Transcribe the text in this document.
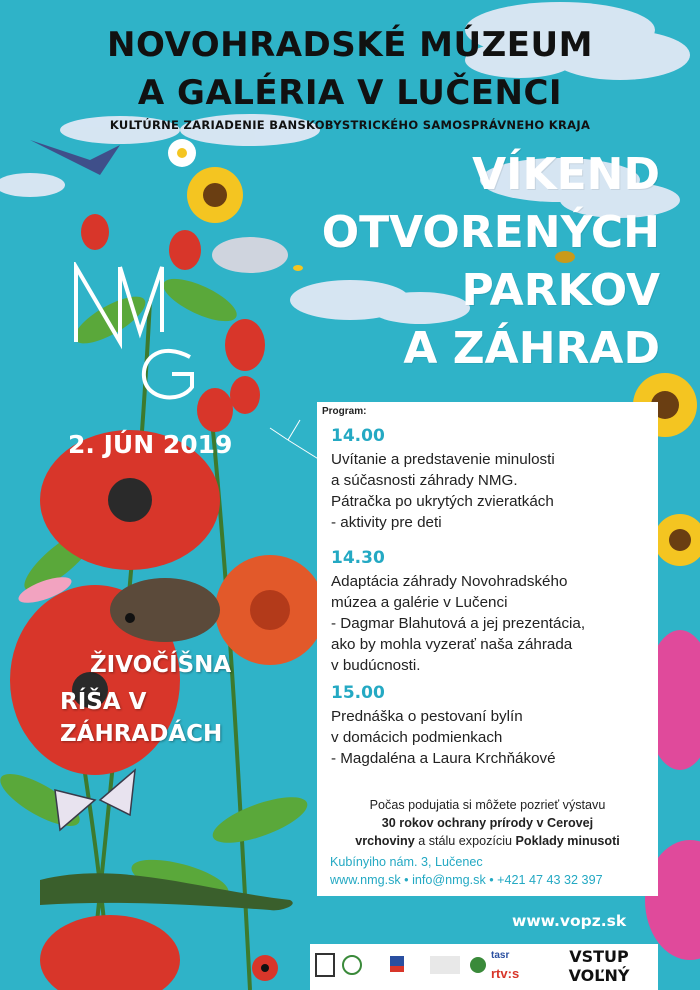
NOVOHRADSKÉ MÚZEUM
A GALÉRIA V LUČENCI
KULTÚRNE ZARIADENIE BANSKOBYSTRICKÉHO SAMOSPRÁVNEHO KRAJA
VÍKEND
OTVORENÝCH
PARKOV
A ZÁHRAD
2. JÚN 2019
ŽIVOČÍŠNA
RÍŠA V
ZÁHRADÁCH
Program:
14.00
Uvítanie a predstavenie minulosti
a súčasnosti záhrady NMG.
Pátračka po ukrytých zvieratkách
- aktivity pre deti
14.30
Adaptácia záhrady Novohradského
múzea a galérie v Lučenci
- Dagmar Blahutová a jej prezentácia,
ako by mohla vyzerať naša záhrada
v budúcnosti.
15.00
Prednáška o pestovaní bylín
v domácich podmienkach
- Magdaléna a Laura Krchňákové
Počas podujatia si môžete pozrieť výstavu
30 rokov ochrany prírody v Cerovej
vrchoviny a stálu expozíciu Poklady minusoti
Kubínyiho nám. 3, Lučenec
www.nmg.sk • info@nmg.sk • +421 47 43 32 397
www.vopz.sk
tasr
rtv:s
VSTUP
VOĽNÝ
